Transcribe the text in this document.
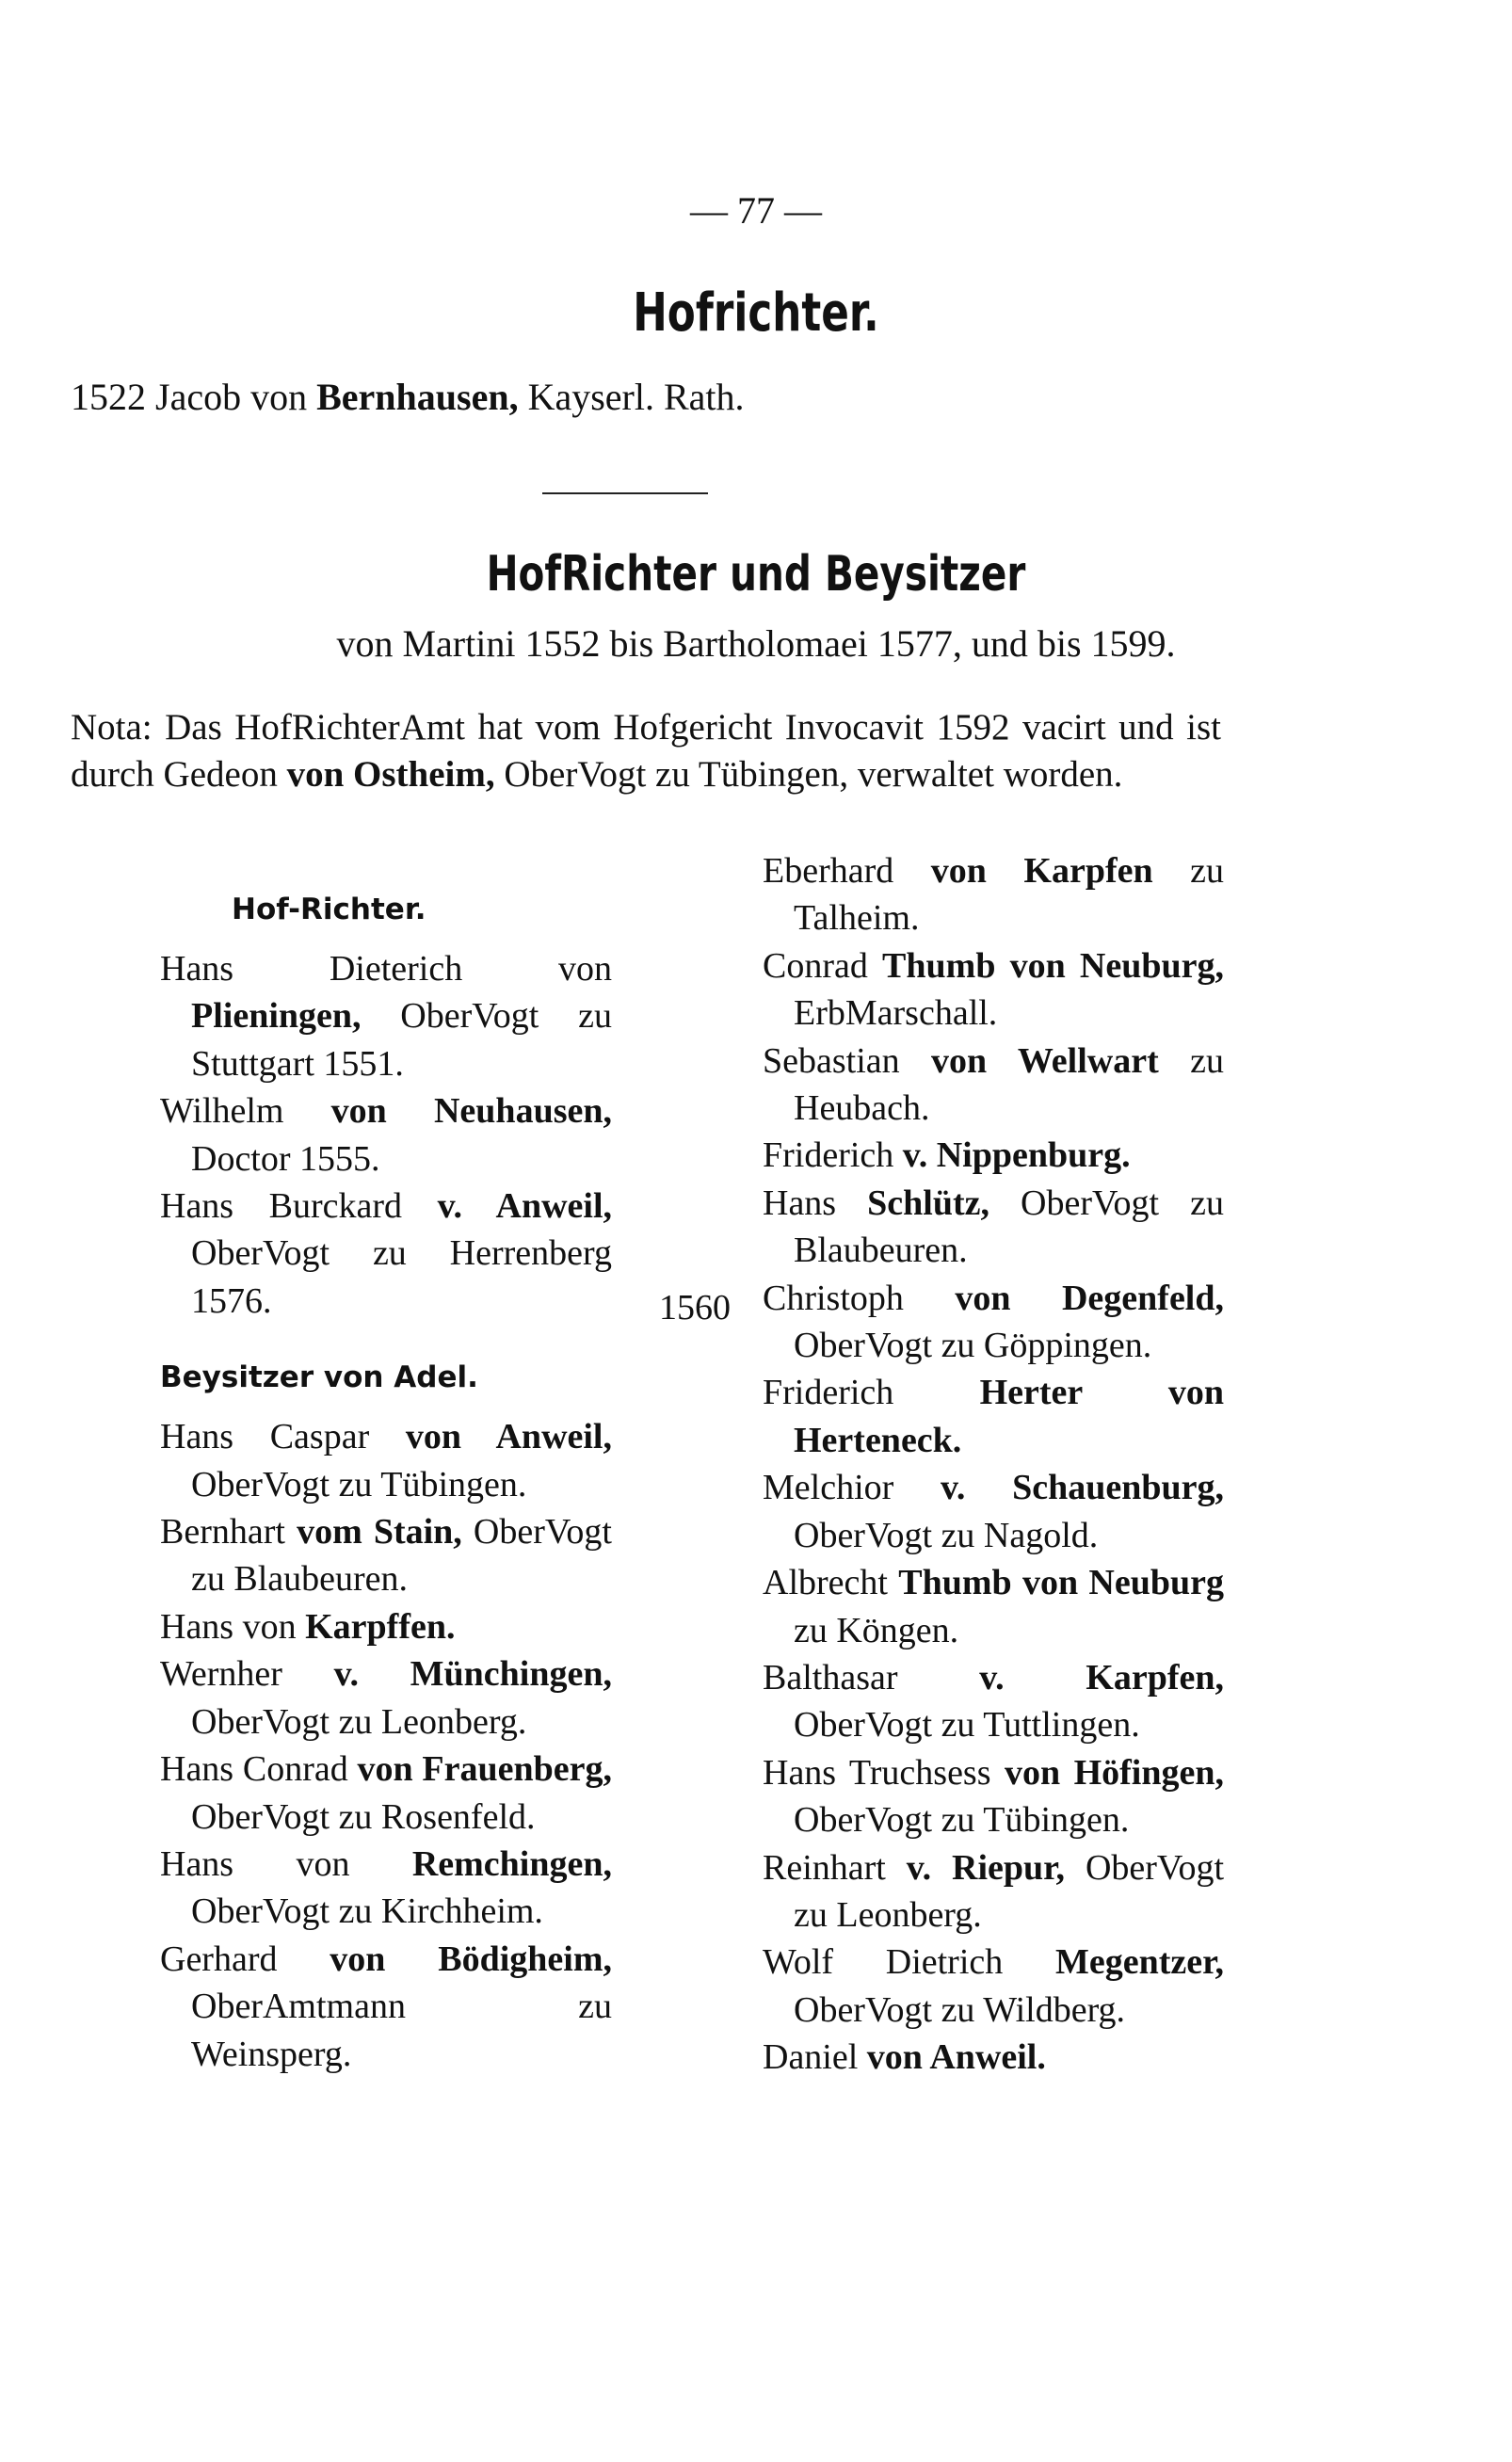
— 77 —
Hofrichter.
1522 Jacob von Bernhausen, Kayserl. Rath.
HofRichter und Beysitzer
von Martini 1552 bis Bartholomaei 1577, und bis 1599.

Nota: Das HofRichterAmt hat vom Hofgericht Invocavit 1592 vacirt und ist durch Gedeon von Ostheim, OberVogt zu Tübingen, verwaltet worden.

Hof-Richter.

Hans Dieterich von Plieningen, OberVogt zu Stuttgart 1551.

Wilhelm von Neuhausen, Doctor 1555.

Hans Burckard v. Anweil, OberVogt zu Herrenberg 1576.

Beysitzer von Adel.

Hans Caspar von Anweil, OberVogt zu Tübingen.

Bernhart vom Stain, OberVogt zu Blaubeuren.

Hans von Karpffen.

Wernher v. Münchingen, OberVogt zu Leonberg.

Hans Conrad von Frauenberg, OberVogt zu Rosenfeld.

Hans von Remchingen, OberVogt zu Kirchheim.

Gerhard von Bödigheim, OberAmtmann zu Weinsperg.

1560

Eberhard von Karpfen zu Talheim.

Conrad Thumb von Neuburg, ErbMarschall.

Sebastian von Wellwart zu Heubach.

Friderich v. Nippenburg.

Hans Schlütz, OberVogt zu Blaubeuren.

Christoph von Degenfeld, OberVogt zu Göppingen.

Friderich Herter von Herteneck.

Melchior v. Schauenburg, OberVogt zu Nagold.

Albrecht Thumb von Neuburg zu Köngen.

Balthasar v. Karpfen, OberVogt zu Tuttlingen.

Hans Truchsess von Höfingen, OberVogt zu Tübingen.

Reinhart v. Riepur, OberVogt zu Leonberg.

Wolf Dietrich Megentzer, OberVogt zu Wildberg.

Daniel von Anweil.
